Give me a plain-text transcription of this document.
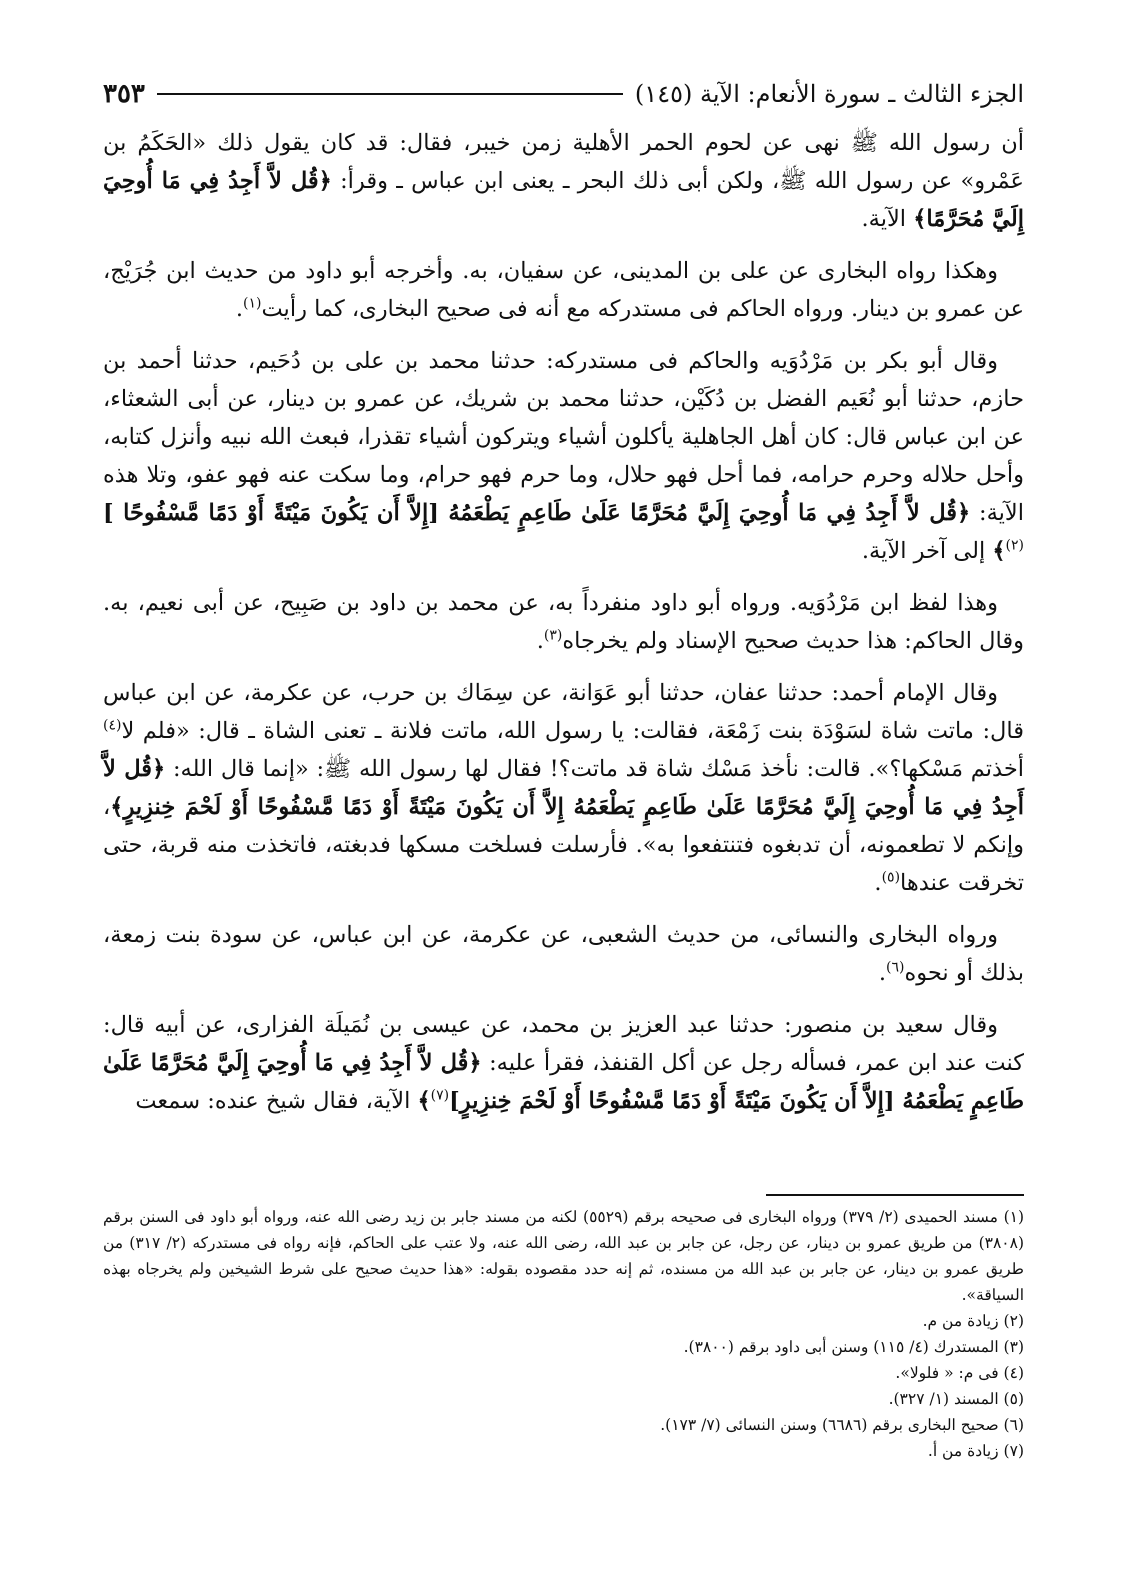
الجزء الثالث ـ سورة الأنعام: الآية (١٤٥)
٣٥٣

أن رسول الله ﷺ نهى عن لحوم الحمر الأهلية زمن خيبر، فقال: قد كان يقول ذلك «الحَكَمُ بن عَمْرو» عن رسول الله ﷺ، ولكن أبى ذلك البحر ـ يعنى ابن عباس ـ وقرأ: ﴿قُل لاَّ أَجِدُ فِي مَا أُوحِيَ إِلَيَّ مُحَرَّمًا﴾ الآية.

وهكذا رواه البخارى عن على بن المدينى، عن سفيان، به. وأخرجه أبو داود من حديث ابن جُرَيْج، عن عمرو بن دينار. ورواه الحاكم فى مستدركه مع أنه فى صحيح البخارى، كما رأيت$^{(١)}$.

وقال أبو بكر بن مَرْدُوَيه والحاكم فى مستدركه: حدثنا محمد بن على بن دُحَيم، حدثنا أحمد بن حازم، حدثنا أبو نُعَيم الفضل بن دُكَيْن، حدثنا محمد بن شريك، عن عمرو بن دينار، عن أبى الشعثاء، عن ابن عباس قال: كان أهل الجاهلية يأكلون أشياء ويتركون أشياء تقذرا، فبعث الله نبيه وأنزل كتابه، وأحل حلاله وحرم حرامه، فما أحل فهو حلال، وما حرم فهو حرام، وما سكت عنه فهو عفو، وتلا هذه الآية: ﴿قُل لاَّ أَجِدُ فِي مَا أُوحِيَ إِلَيَّ مُحَرَّمًا عَلَىٰ طَاعِمٍ يَطْعَمُهُ [إِلاَّ أَن يَكُونَ مَيْتَةً أَوْ دَمًا مَّسْفُوحًا ]$^{(٢)}$﴾ إلى آخر الآية.

وهذا لفظ ابن مَرْدُوَيه. ورواه أبو داود منفرداً به، عن محمد بن داود بن صَبِيح، عن أبى نعيم، به. وقال الحاكم: هذا حديث صحيح الإسناد ولم يخرجاه$^{(٣)}$.

وقال الإمام أحمد: حدثنا عفان، حدثنا أبو عَوَانة، عن سِمَاك بن حرب، عن عكرمة، عن ابن عباس قال: ماتت شاة لسَوْدَة بنت زَمْعَة، فقالت: يا رسول الله، ماتت فلانة ـ تعنى الشاة ـ قال: «فلم لا$^{(٤)}$ أخذتم مَسْكها؟». قالت: نأخذ مَسْك شاة قد ماتت؟! فقال لها رسول الله ﷺ: «إنما قال الله: ﴿قُل لاَّ أَجِدُ فِي مَا أُوحِيَ إِلَيَّ مُحَرَّمًا عَلَىٰ طَاعِمٍ يَطْعَمُهُ إِلاَّ أَن يَكُونَ مَيْتَةً أَوْ دَمًا مَّسْفُوحًا أَوْ لَحْمَ خِنزِيرٍ﴾، وإنكم لا تطعمونه، أن تدبغوه فتنتفعوا به». فأرسلت فسلخت مسكها فدبغته، فاتخذت منه قربة، حتى تخرقت عندها$^{(٥)}$.

ورواه البخارى والنسائى، من حديث الشعبى، عن عكرمة، عن ابن عباس، عن سودة بنت زمعة، بذلك أو نحوه$^{(٦)}$.

وقال سعيد بن منصور: حدثنا عبد العزيز بن محمد، عن عيسى بن نُمَيلَة الفزارى، عن أبيه قال: كنت عند ابن عمر، فسأله رجل عن أكل القنفذ، فقرأ عليه: ﴿قُل لاَّ أَجِدُ فِي مَا أُوحِيَ إِلَيَّ مُحَرَّمًا عَلَىٰ طَاعِمٍ يَطْعَمُهُ [إِلاَّ أَن يَكُونَ مَيْتَةً أَوْ دَمًا مَّسْفُوحًا أَوْ لَحْمَ خِنزِيرٍ]$^{(٧)}$﴾ الآية، فقال شيخ عنده: سمعت

(١) مسند الحميدى (٢/ ٣٧٩) ورواه البخارى فى صحيحه برقم (٥٥٢٩) لكنه من مسند جابر بن زيد رضى الله عنه، ورواه أبو داود فى السنن برقم (٣٨٠٨) من طريق عمرو بن دينار، عن رجل، عن جابر بن عبد الله، رضى الله عنه، ولا عتب على الحاكم، فإنه رواه فى مستدركه (٢/ ٣١٧) من طريق عمرو بن دينار، عن جابر بن عبد الله من مسنده، ثم إنه حدد مقصوده بقوله: «هذا حديث صحيح على شرط الشيخين ولم يخرجاه بهذه السياقة».

(٢) زيادة من م.

(٣) المستدرك (٤/ ١١٥) وسنن أبى داود برقم (٣٨٠٠).

(٤) فى م: « فلولا».

(٥) المسند (١/ ٣٢٧).

(٦) صحيح البخارى برقم (٦٦٨٦) وسنن النسائى (٧/ ١٧٣).

(٧) زيادة من أ.
